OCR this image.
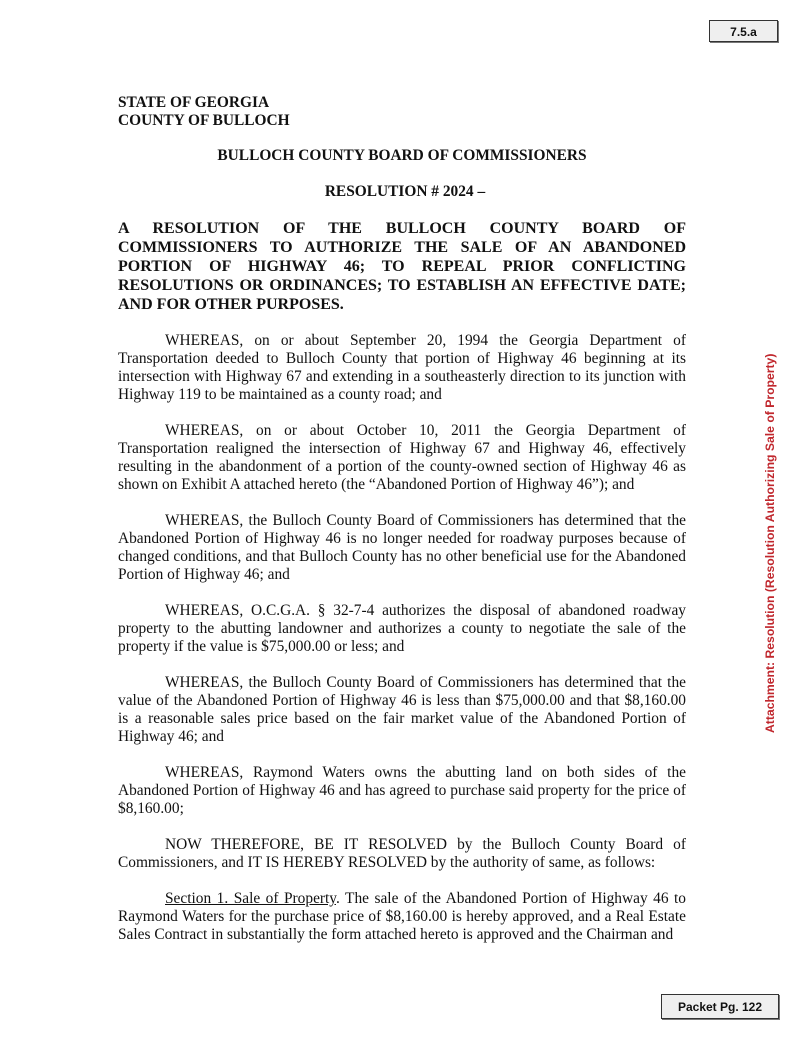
7.5.a
Attachment: Resolution (Resolution Authorizing Sale of Property)

STATE OF GEORGIA

COUNTY OF BULLOCH

BULLOCH COUNTY BOARD OF COMMISSIONERS

RESOLUTION # 2024 –

A RESOLUTION OF THE BULLOCH COUNTY BOARD OF COMMISSIONERS TO AUTHORIZE THE SALE OF AN ABANDONED PORTION OF HIGHWAY 46; TO REPEAL PRIOR CONFLICTING RESOLUTIONS OR ORDINANCES; TO ESTABLISH AN EFFECTIVE DATE; AND FOR OTHER PURPOSES.

WHEREAS, on or about September 20, 1994 the Georgia Department of Transportation deeded to Bulloch County that portion of Highway 46 beginning at its intersection with Highway 67 and extending in a southeasterly direction to its junction with Highway 119 to be maintained as a county road; and

WHEREAS, on or about October 10, 2011 the Georgia Department of Transportation realigned the intersection of Highway 67 and Highway 46, effectively resulting in the abandonment of a portion of the county-owned section of Highway 46 as shown on Exhibit A attached hereto (the “Abandoned Portion of Highway 46”); and

WHEREAS, the Bulloch County Board of Commissioners has determined that the Abandoned Portion of Highway 46 is no longer needed for roadway purposes because of changed conditions, and that Bulloch County has no other beneficial use for the Abandoned Portion of Highway 46; and

WHEREAS, O.C.G.A. § 32-7-4 authorizes the disposal of abandoned roadway property to the abutting landowner and authorizes a county to negotiate the sale of the property if the value is $75,000.00 or less; and

WHEREAS, the Bulloch County Board of Commissioners has determined that the value of the Abandoned Portion of Highway 46 is less than $75,000.00 and that $8,160.00 is a reasonable sales price based on the fair market value of the Abandoned Portion of Highway 46; and

WHEREAS, Raymond Waters owns the abutting land on both sides of the Abandoned Portion of Highway 46 and has agreed to purchase said property for the price of $8,160.00;

NOW THEREFORE, BE IT RESOLVED by the Bulloch County Board of Commissioners, and IT IS HEREBY RESOLVED by the authority of same, as follows:

Section 1. Sale of Property. The sale of the Abandoned Portion of Highway 46 to Raymond Waters for the purchase price of $8,160.00 is hereby approved, and a Real Estate Sales Contract in substantially the form attached hereto is approved and the Chairman and

Packet Pg. 122
